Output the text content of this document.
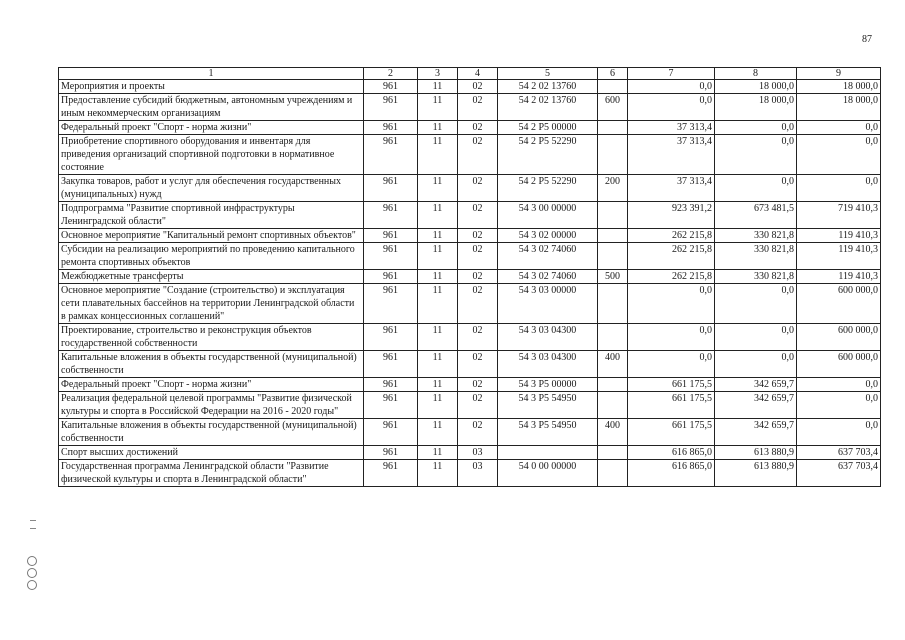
87
1	2	3	4	5	6	7	8	9
Мероприятия и проекты	961	11	02	54 2 02 13760		0,0	18 000,0	18 000,0
Предоставление субсидий бюджетным, автономным учреждениям и иным некоммерческим организациям	961	11	02	54 2 02 13760	600	0,0	18 000,0	18 000,0
Федеральный проект "Спорт - норма жизни"	961	11	02	54 2 P5 00000		37 313,4	0,0	0,0
Приобретение спортивного оборудования и инвентаря для приведения организаций спортивной подготовки в нормативное состояние	961	11	02	54 2 P5 52290		37 313,4	0,0	0,0
Закупка товаров, работ и услуг для обеспечения государственных (муниципальных) нужд	961	11	02	54 2 P5 52290	200	37 313,4	0,0	0,0
Подпрограмма "Развитие спортивной инфраструктуры Ленинградской области"	961	11	02	54 3 00 00000		923 391,2	673 481,5	719 410,3
Основное мероприятие "Капитальный ремонт спортивных объектов"	961	11	02	54 3 02 00000		262 215,8	330 821,8	119 410,3
Субсидии на реализацию мероприятий по проведению капитального ремонта спортивных объектов	961	11	02	54 3 02 74060		262 215,8	330 821,8	119 410,3
Межбюджетные трансферты	961	11	02	54 3 02 74060	500	262 215,8	330 821,8	119 410,3
Основное мероприятие "Создание (строительство) и эксплуатация сети плавательных бассейнов на территории Ленинградской области в рамках концессионных соглашений"	961	11	02	54 3 03 00000		0,0	0,0	600 000,0
Проектирование, строительство и реконструкция объектов государственной собственности	961	11	02	54 3 03 04300		0,0	0,0	600 000,0
Капитальные вложения в объекты государственной (муниципальной) собственности	961	11	02	54 3 03 04300	400	0,0	0,0	600 000,0
Федеральный проект "Спорт - норма жизни"	961	11	02	54 3 P5 00000		661 175,5	342 659,7	0,0
Реализация федеральной целевой программы "Развитие физической культуры и спорта в Российской Федерации на 2016 - 2020 годы"	961	11	02	54 3 P5 54950		661 175,5	342 659,7	0,0
Капитальные вложения в объекты государственной (муниципальной) собственности	961	11	02	54 3 P5 54950	400	661 175,5	342 659,7	0,0
Спорт высших достижений	961	11	03			616 865,0	613 880,9	637 703,4
Государственная программа Ленинградской области "Развитие физической культуры и спорта в Ленинградской области"	961	11	03	54 0 00 00000		616 865,0	613 880,9	637 703,4
